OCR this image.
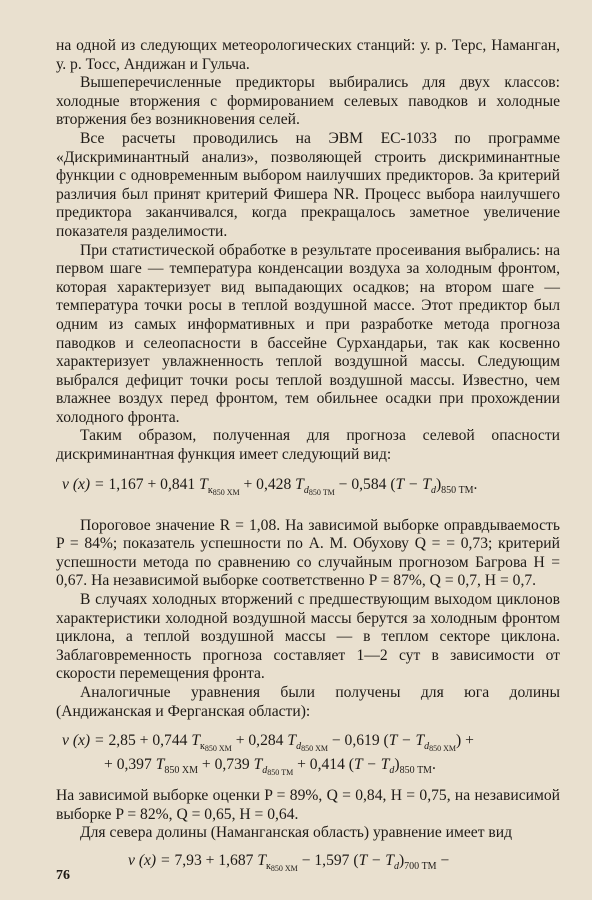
на одной из следующих метеорологических станций: у. р. Терс, Наманган, у. р. Тосс, Андижан и Гульча.

Вышеперечисленные предикторы выбирались для двух классов: холодные вторжения с формированием селевых паводков и холодные вторжения без возникновения селей.

Все расчеты проводились на ЭВМ ЕС-1033 по программе «Дискриминантный анализ», позволяющей строить дискриминантные функции с одновременным выбором наилучших предикторов. За критерий различия был принят критерий Фишера NR. Процесс выбора наилучшего предиктора заканчивался, когда прекращалось заметное увеличение показателя разделимости.

При статистической обработке в результате просеивания выбрались: на первом шаге — температура конденсации воздуха за холодным фронтом, которая характеризует вид выпадающих осадков; на втором шаге — температура точки росы в теплой воздушной массе. Этот предиктор был одним из самых информативных и при разработке метода прогноза паводков и селеопасности в бассейне Сурхандарьи, так как косвенно характеризует увлажненность теплой воздушной массы. Следующим выбрался дефицит точки росы теплой воздушной массы. Известно, чем влажнее воздух перед фронтом, тем обильнее осадки при прохождении холодного фронта.

Таким образом, полученная для прогноза селевой опасности дискриминантная функция имеет следующий вид:

v (x) = 1,167 + 0,841 $T_{к_{850 ХМ}} + 0,428$ $T_{d_{850 ТМ}} - 0,584$ $(T - T_d)_{850 ТМ}$.

Пороговое значение R = 1,08. На зависимой выборке оправдываемость P = 84%; показатель успешности по А. М. Обухову Q = = 0,73; критерий успешности метода по сравнению со случайным прогнозом Багрова H = 0,67. На независимой выборке соответственно P = 87%, Q = 0,7, H = 0,7.

В случаях холодных вторжений с предшествующим выходом циклонов характеристики холодной воздушной массы берутся за холодным фронтом циклона, а теплой воздушной массы — в теплом секторе циклона. Заблаговременность прогноза составляет 1—2 сут в зависимости от скорости перемещения фронта.

Аналогичные уравнения были получены для юга долины (Андижанская и Ферганская области):

v (x) = 2,85 + 0,744 $T_{к_{850 ХМ}} + 0,284$ $T_{d_{850 ХМ}} - 0,619$ $(T - T_{d_{850 ХМ}})$ +
+ 0,397 $T_{850 ХМ} + 0,739$ $T_{d_{850 ТМ}} + 0,414$ $(T - T_d)_{850 ТМ}$.

На зависимой выборке оценки P = 89%, Q = 0,84, H = 0,75, на независимой выборке P = 82%, Q = 0,65, H = 0,64.

Для севера долины (Наманганская область) уравнение имеет вид

v (x) = 7,93 + 1,687 $T_{к_{850 ХМ}} - 1,597$ $(T - T_d)_{700 ТМ}$ −
76
